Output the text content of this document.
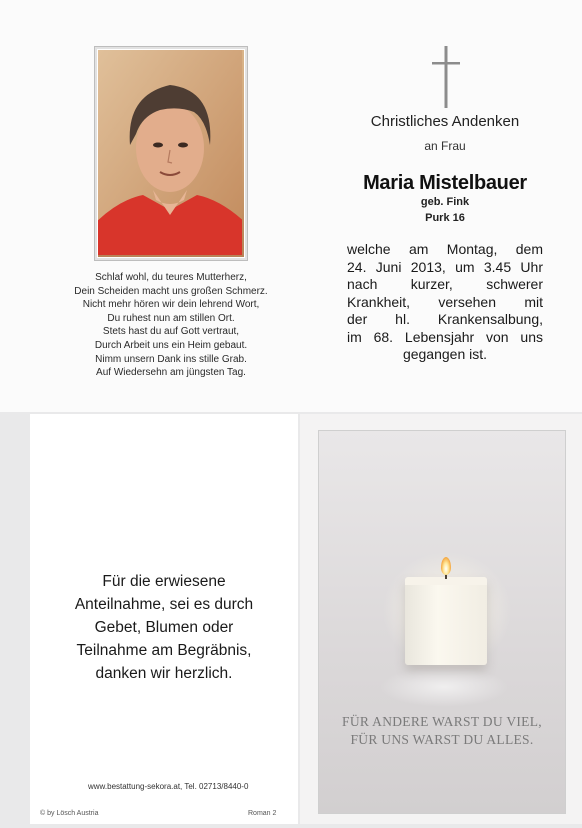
Schlaf wohl, du teures Mutterherz,
Dein Scheiden macht uns großen Schmerz.
Nicht mehr hören wir dein lehrend Wort,
Du ruhest nun am stillen Ort.
Stets hast du auf Gott vertraut,
Durch Arbeit uns ein Heim gebaut.
Nimm unsern Dank ins stille Grab.
Auf Wiedersehn am jüngsten Tag.
Christliches Andenken
an Frau
Maria Mistelbauer
geb. Fink
Purk 16
welche am Montag, dem
24. Juni 2013, um 3.45 Uhr
nach kurzer, schwerer
Krankheit, versehen mit
der hl. Krankensalbung,
im 68. Lebensjahr von uns
gegangen ist.
Für die erwiesene
Anteilnahme, sei es durch
Gebet, Blumen oder
Teilnahme am Begräbnis,
danken wir herzlich.
www.bestattung-sekora.at, Tel. 02713/8440-0
© by Lösch Austria	Roman 2
FÜR ANDERE WARST DU VIEL,
FÜR UNS WARST DU ALLES.
